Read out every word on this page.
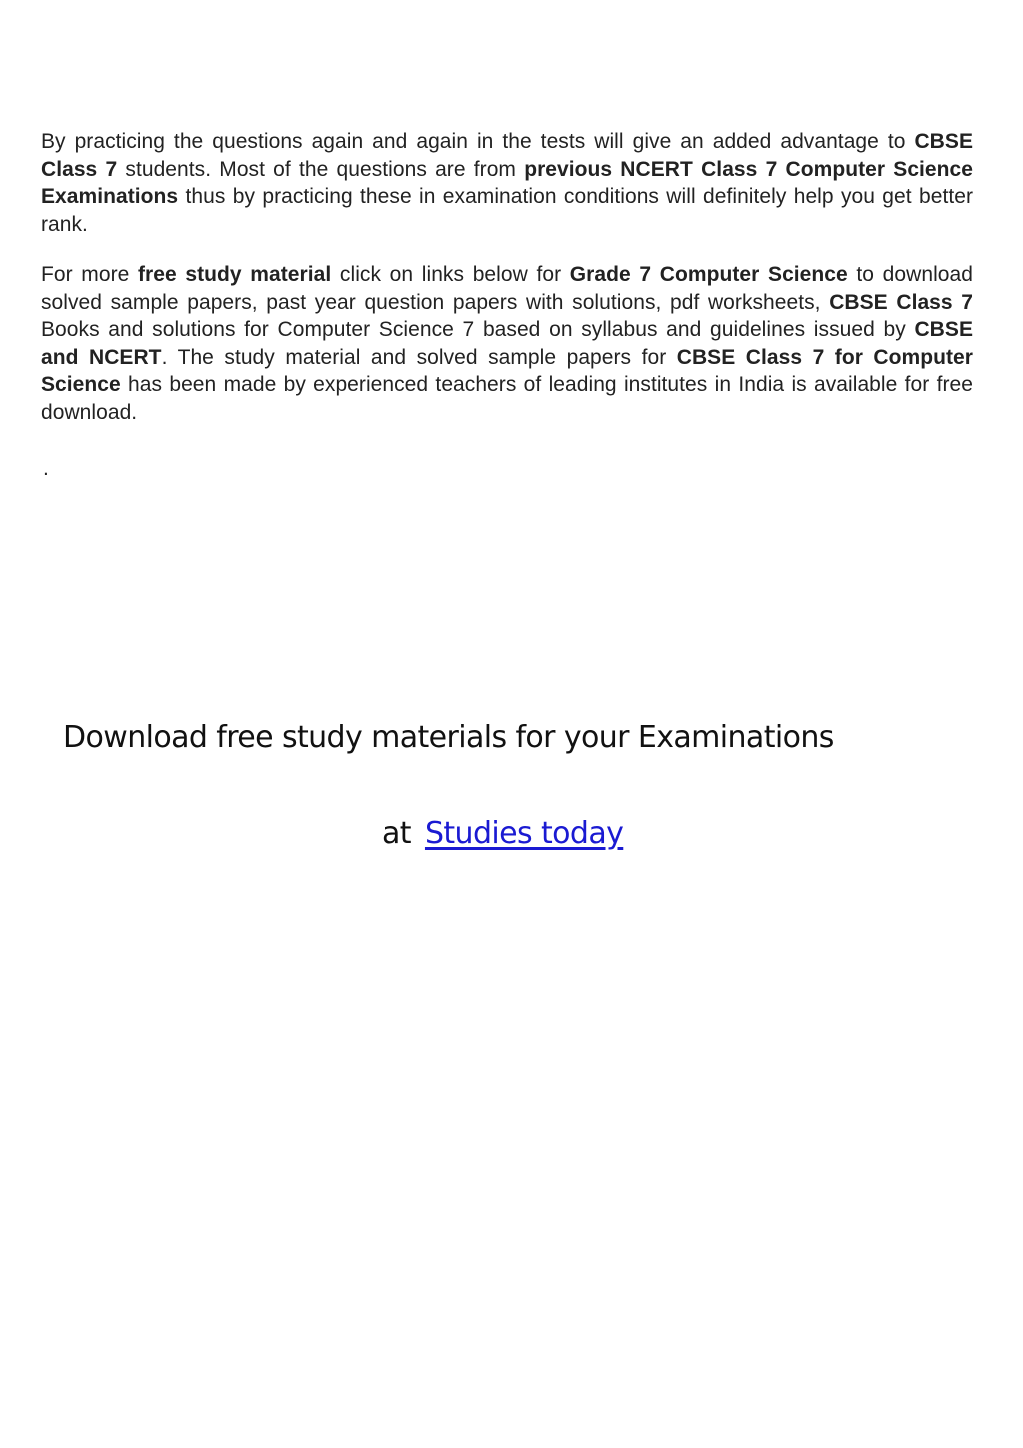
By practicing the questions again and again in the tests will give an added advantage to CBSE Class 7 students. Most of the questions are from previous NCERT Class 7 Computer Science Examinations thus by practicing these in examination conditions will definitely help you get better rank.

For more free study material click on links below for Grade 7 Computer Science to download solved sample papers, past year question papers with solutions, pdf worksheets, CBSE Class 7 Books and solutions for Computer Science 7 based on syllabus and guidelines issued by CBSE and NCERT. The study material and solved sample papers for CBSE Class 7 for Computer Science has been made by experienced teachers of leading institutes in India is available for free download.

.
Download free study materials for your Examinations
at Studies today
